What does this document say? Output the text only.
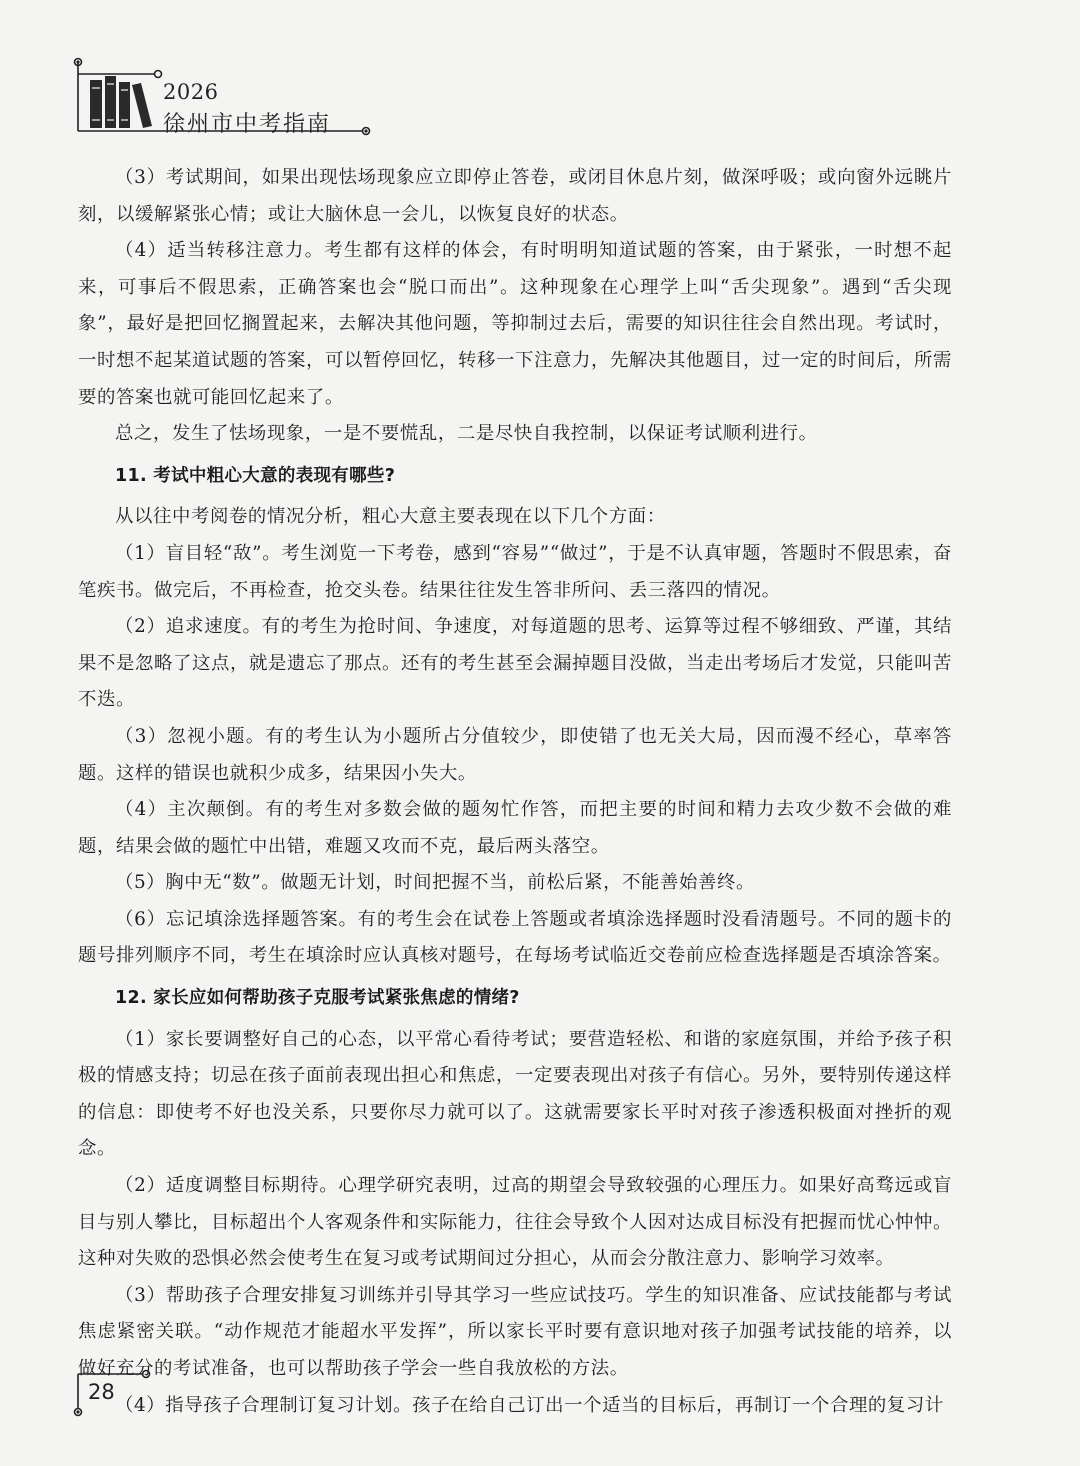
2026
徐州市中考指南

（3）考试期间，如果出现怯场现象应立即停止答卷，或闭目休息片刻，做深呼吸；或向窗外远眺片刻，以缓解紧张心情；或让大脑休息一会儿，以恢复良好的状态。

（4）适当转移注意力。考生都有这样的体会，有时明明知道试题的答案，由于紧张，一时想不起来，可事后不假思索，正确答案也会“脱口而出”。这种现象在心理学上叫“舌尖现象”。遇到“舌尖现象”，最好是把回忆搁置起来，去解决其他问题，等抑制过去后，需要的知识往往会自然出现。考试时，一时想不起某道试题的答案，可以暂停回忆，转移一下注意力，先解决其他题目，过一定的时间后，所需要的答案也就可能回忆起来了。

总之，发生了怯场现象，一是不要慌乱，二是尽快自我控制，以保证考试顺利进行。

11. 考试中粗心大意的表现有哪些?

从以往中考阅卷的情况分析，粗心大意主要表现在以下几个方面：

（1）盲目轻“敌”。考生浏览一下考卷，感到“容易”“做过”，于是不认真审题，答题时不假思索，奋笔疾书。做完后，不再检查，抢交头卷。结果往往发生答非所问、丢三落四的情况。

（2）追求速度。有的考生为抢时间、争速度，对每道题的思考、运算等过程不够细致、严谨，其结果不是忽略了这点，就是遗忘了那点。还有的考生甚至会漏掉题目没做，当走出考场后才发觉，只能叫苦不迭。

（3）忽视小题。有的考生认为小题所占分值较少，即使错了也无关大局，因而漫不经心，草率答题。这样的错误也就积少成多，结果因小失大。

（4）主次颠倒。有的考生对多数会做的题匆忙作答，而把主要的时间和精力去攻少数不会做的难题，结果会做的题忙中出错，难题又攻而不克，最后两头落空。

（5）胸中无“数”。做题无计划，时间把握不当，前松后紧，不能善始善终。

（6）忘记填涂选择题答案。有的考生会在试卷上答题或者填涂选择题时没看清题号。不同的题卡的题号排列顺序不同，考生在填涂时应认真核对题号，在每场考试临近交卷前应检查选择题是否填涂答案。

12. 家长应如何帮助孩子克服考试紧张焦虑的情绪?

（1）家长要调整好自己的心态，以平常心看待考试；要营造轻松、和谐的家庭氛围，并给予孩子积极的情感支持；切忌在孩子面前表现出担心和焦虑，一定要表现出对孩子有信心。另外，要特别传递这样的信息：即使考不好也没关系，只要你尽力就可以了。这就需要家长平时对孩子渗透积极面对挫折的观念。

（2）适度调整目标期待。心理学研究表明，过高的期望会导致较强的心理压力。如果好高骛远或盲目与别人攀比，目标超出个人客观条件和实际能力，往往会导致个人因对达成目标没有把握而忧心忡忡。这种对失败的恐惧必然会使考生在复习或考试期间过分担心，从而会分散注意力、影响学习效率。

（3）帮助孩子合理安排复习训练并引导其学习一些应试技巧。学生的知识准备、应试技能都与考试焦虑紧密关联。“动作规范才能超水平发挥”，所以家长平时要有意识地对孩子加强考试技能的培养，以做好充分的考试准备，也可以帮助孩子学会一些自我放松的方法。

（4）指导孩子合理制订复习计划。孩子在给自己订出一个适当的目标后，再制订一个合理的复习计

28
